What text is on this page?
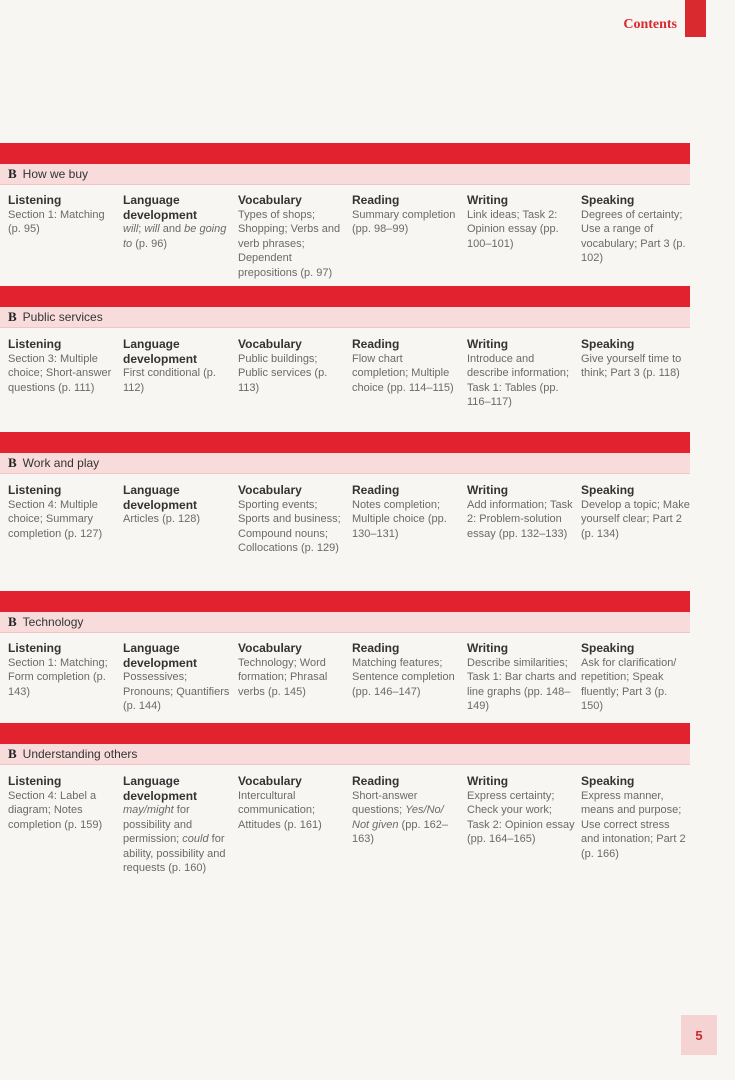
Contents
B How we buy
Listening
Section 1: Matching (p. 95)
Language development
will; will and be going to (p. 96)
Vocabulary
Types of shops; Shopping; Verbs and verb phrases; Dependent prepositions (p. 97)
Reading
Summary completion (pp. 98–99)
Writing
Link ideas; Task 2: Opinion essay (pp. 100–101)
Speaking
Degrees of certainty; Use a range of vocabulary; Part 3 (p. 102)
B Public services
Listening
Section 3: Multiple choice; Short-answer questions (p. 111)
Language development
First conditional (p. 112)
Vocabulary
Public buildings; Public services (p. 113)
Reading
Flow chart completion; Multiple choice (pp. 114–115)
Writing
Introduce and describe information; Task 1: Tables (pp. 116–117)
Speaking
Give yourself time to think; Part 3 (p. 118)
B Work and play
Listening
Section 4: Multiple choice; Summary completion (p. 127)
Language development
Articles (p. 128)
Vocabulary
Sporting events; Sports and business; Compound nouns; Collocations (p. 129)
Reading
Notes completion; Multiple choice (pp. 130–131)
Writing
Add information; Task 2: Problem-solution essay (pp. 132–133)
Speaking
Develop a topic; Make yourself clear; Part 2 (p. 134)
B Technology
Listening
Section 1: Matching; Form completion (p. 143)
Language development
Possessives; Pronouns; Quantifiers (p. 144)
Vocabulary
Technology; Word formation; Phrasal verbs (p. 145)
Reading
Matching features; Sentence completion (pp. 146–147)
Writing
Describe similarities; Task 1: Bar charts and line graphs (pp. 148–149)
Speaking
Ask for clarification/ repetition; Speak fluently; Part 3 (p. 150)
B Understanding others
Listening
Section 4: Label a diagram; Notes completion (p. 159)
Language development
may/might for possibility and permission; could for ability, possibility and requests (p. 160)
Vocabulary
Intercultural communication; Attitudes (p. 161)
Reading
Short-answer questions; Yes/No/ Not given (pp. 162–163)
Writing
Express certainty; Check your work; Task 2: Opinion essay (pp. 164–165)
Speaking
Express manner, means and purpose; Use correct stress and intonation; Part 2 (p. 166)
5
